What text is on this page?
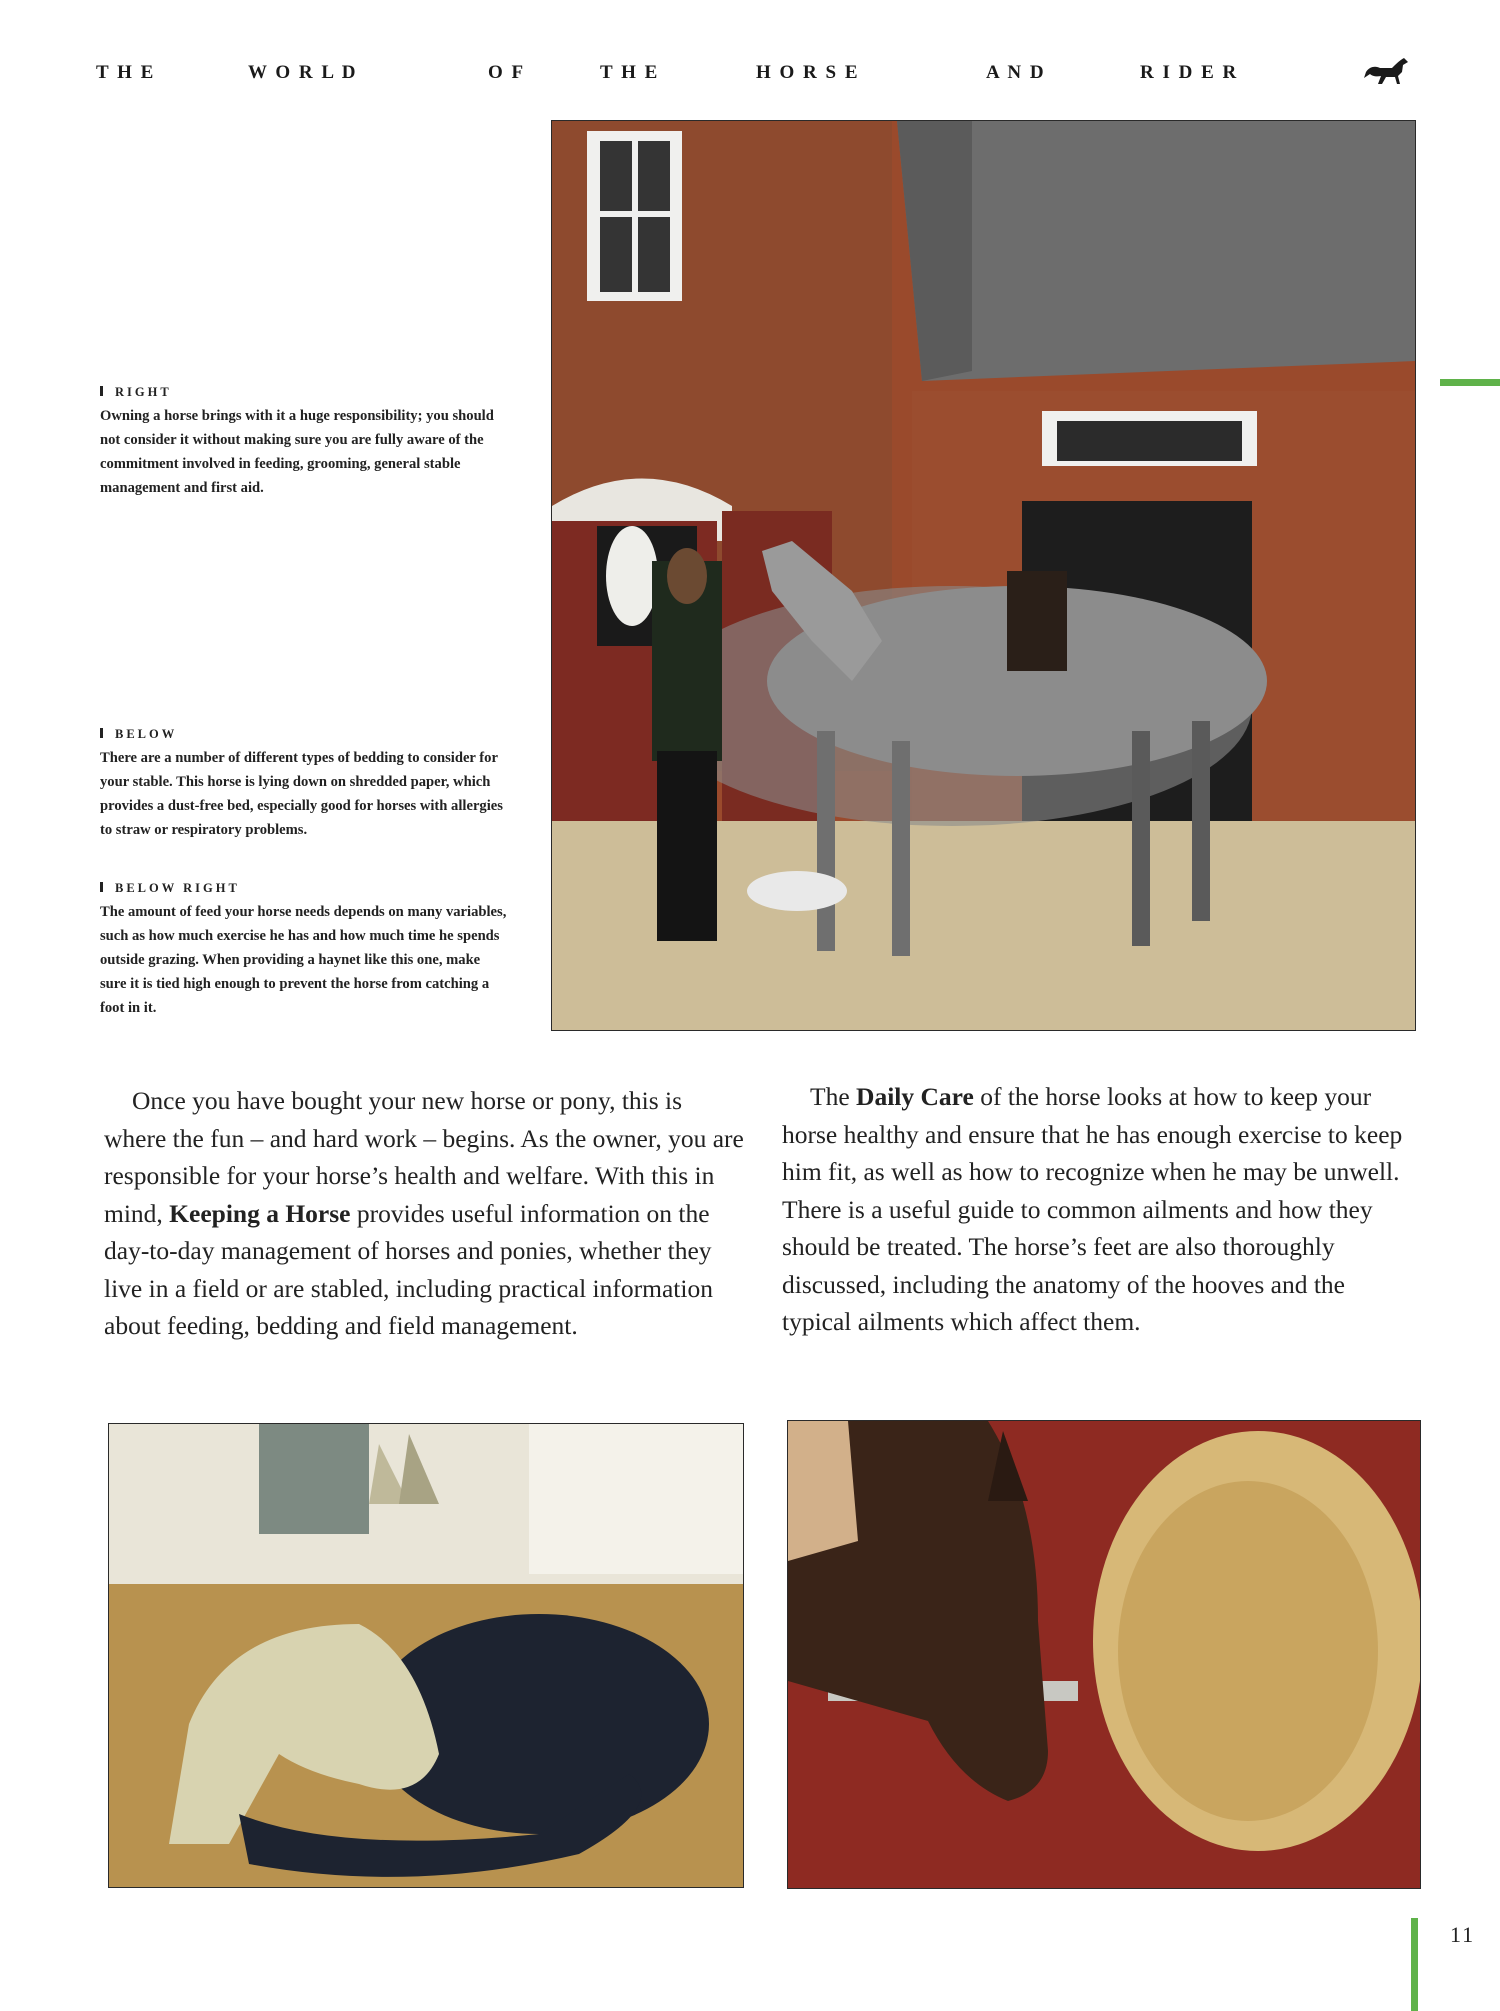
T H E	W O R L D	O F	T H E	H O R S E	A N D	R I D E R
RIGHT
Owning a horse brings with it a huge responsibility; you should not consider it without making sure you are fully aware of the commitment involved in feeding, grooming, general stable management and first aid.
BELOW
There are a number of different types of bedding to consider for your stable. This horse is lying down on shredded paper, which provides a dust-free bed, especially good for horses with allergies to straw or respiratory problems.
BELOW RIGHT
The amount of feed your horse needs depends on many variables, such as how much exercise he has and how much time he spends outside grazing. When providing a haynet like this one, make sure it is tied high enough to prevent the horse from catching a foot in it.

Once you have bought your new horse or pony, this is where the fun – and hard work – begins. As the owner, you are responsible for your horse’s health and welfare. With this in mind, Keeping a Horse provides useful information on the day-to-day management of horses and ponies, whether they live in a field or are stabled, including practical information about feeding, bedding and field management.

The Daily Care of the horse looks at how to keep your horse healthy and ensure that he has enough exercise to keep him fit, as well as how to recognize when he may be unwell. There is a useful guide to common ailments and how they should be treated. The horse’s feet are also thoroughly discussed, including the anatomy of the hooves and the typical ailments which affect them.

11
